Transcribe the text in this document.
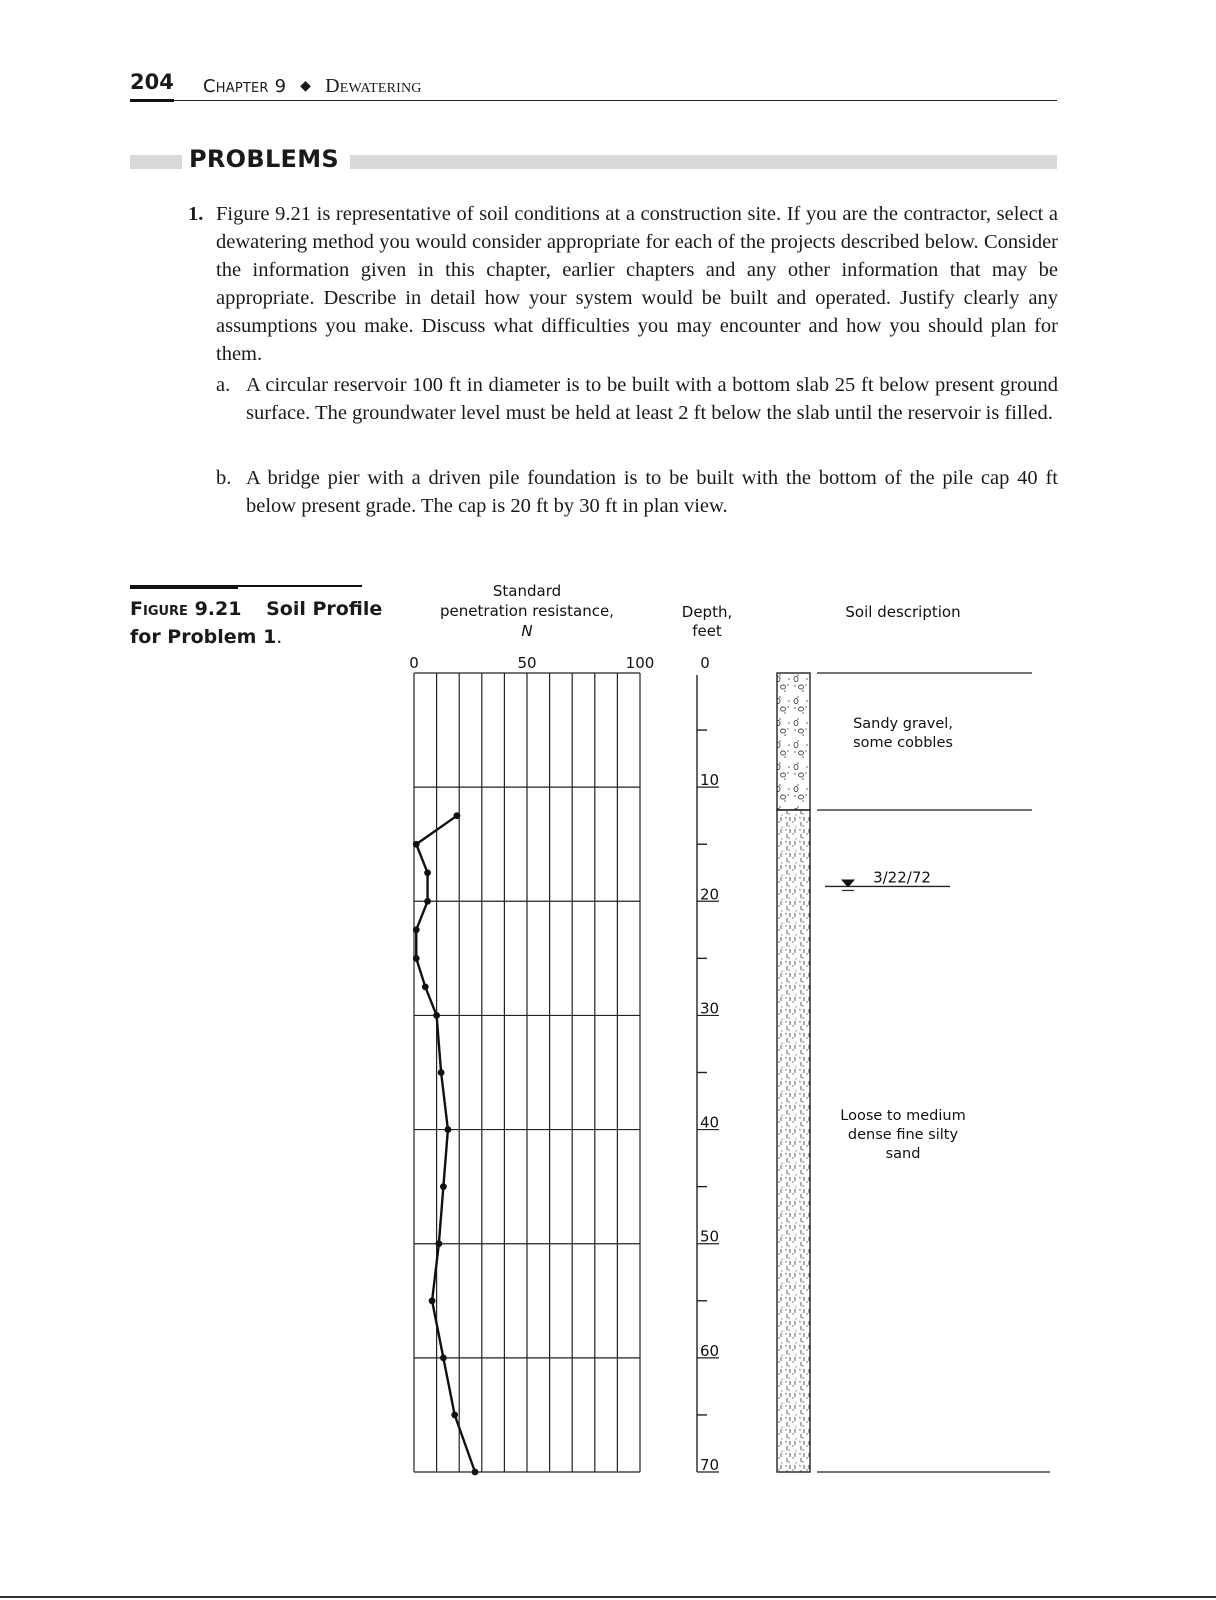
204 Chapter 9 ◆ Dewatering
PROBLEMS
1. Figure 9.21 is representative of soil conditions at a construction site. If you are the contractor, select a dewatering method you would consider appropriate for each of the projects described below. Consider the information given in this chapter, earlier chapters and any other information that may be appropriate. Describe in detail how your system would be built and operated. Justify clearly any assumptions you make. Discuss what difficulties you may encounter and how you should plan for them.
a. A circular reservoir 100 ft in diameter is to be built with a bottom slab 25 ft below present ground surface. The groundwater level must be held at least 2 ft below the slab until the reservoir is filled.
b. A bridge pier with a driven pile foundation is to be built with the bottom of the pile cap 40 ft below present grade. The cap is 20 ft by 30 ft in plan view.
Figure 9.21 Soil Profile
for Problem 1.
Standard
penetration resistance,
N
Depth,
feet
Soil description
0	50	100	0
10
20
30
40
50
60
70
Sandy gravel,
some cobbles
Loose to medium
dense fine silty
sand
3/22/72
